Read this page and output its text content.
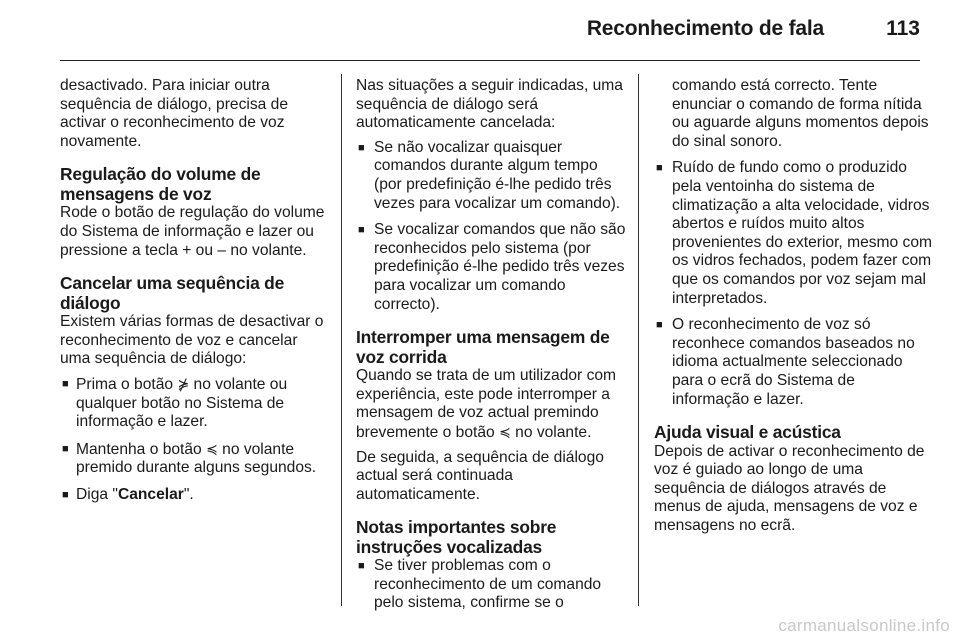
Reconhecimento de fala	113

desactivado. Para iniciar outra sequência de diálogo, precisa de activar o reconhecimento de voz novamente.

Regulação do volume de mensagens de voz

Rode o botão de regulação do volume do Sistema de informação e lazer ou pressione a tecla + ou – no volante.

Cancelar uma sequência de diálogo

Existem várias formas de desactivar o reconhecimento de voz e cancelar uma sequência de diálogo:

■ Prima o botão ⋡ no volante ou qualquer botão no Sistema de informação e lazer.
■ Mantenha o botão ≼ no volante premido durante alguns segundos.
■ Diga "Cancelar".

Nas situações a seguir indicadas, uma sequência de diálogo será automaticamente cancelada:

■ Se não vocalizar quaisquer comandos durante algum tempo (por predefinição é-lhe pedido três vezes para vocalizar um comando).
■ Se vocalizar comandos que não são reconhecidos pelo sistema (por predefinição é-lhe pedido três vezes para vocalizar um comando correcto).
Interromper uma mensagem de voz corrida

Quando se trata de um utilizador com experiência, este pode interromper a mensagem de voz actual premindo brevemente o botão ≼ no volante.

De seguida, a sequência de diálogo actual será continuada automaticamente.

Notas importantes sobre instruções vocalizadas
■ Se tiver problemas com o reconhecimento de um comando pelo sistema, confirme se o

comando está correcto. Tente enunciar o comando de forma nítida ou aguarde alguns momentos depois do sinal sonoro.

■ Ruído de fundo como o produzido pela ventoinha do sistema de climatização a alta velocidade, vidros abertos e ruídos muito altos provenientes do exterior, mesmo com os vidros fechados, podem fazer com que os comandos por voz sejam mal interpretados.
■ O reconhecimento de voz só reconhece comandos baseados no idioma actualmente seleccionado para o ecrã do Sistema de informação e lazer.
Ajuda visual e acústica

Depois de activar o reconhecimento de voz é guiado ao longo de uma sequência de diálogos através de menus de ajuda, mensagens de voz e mensagens no ecrã.

carmanualsonline.info
